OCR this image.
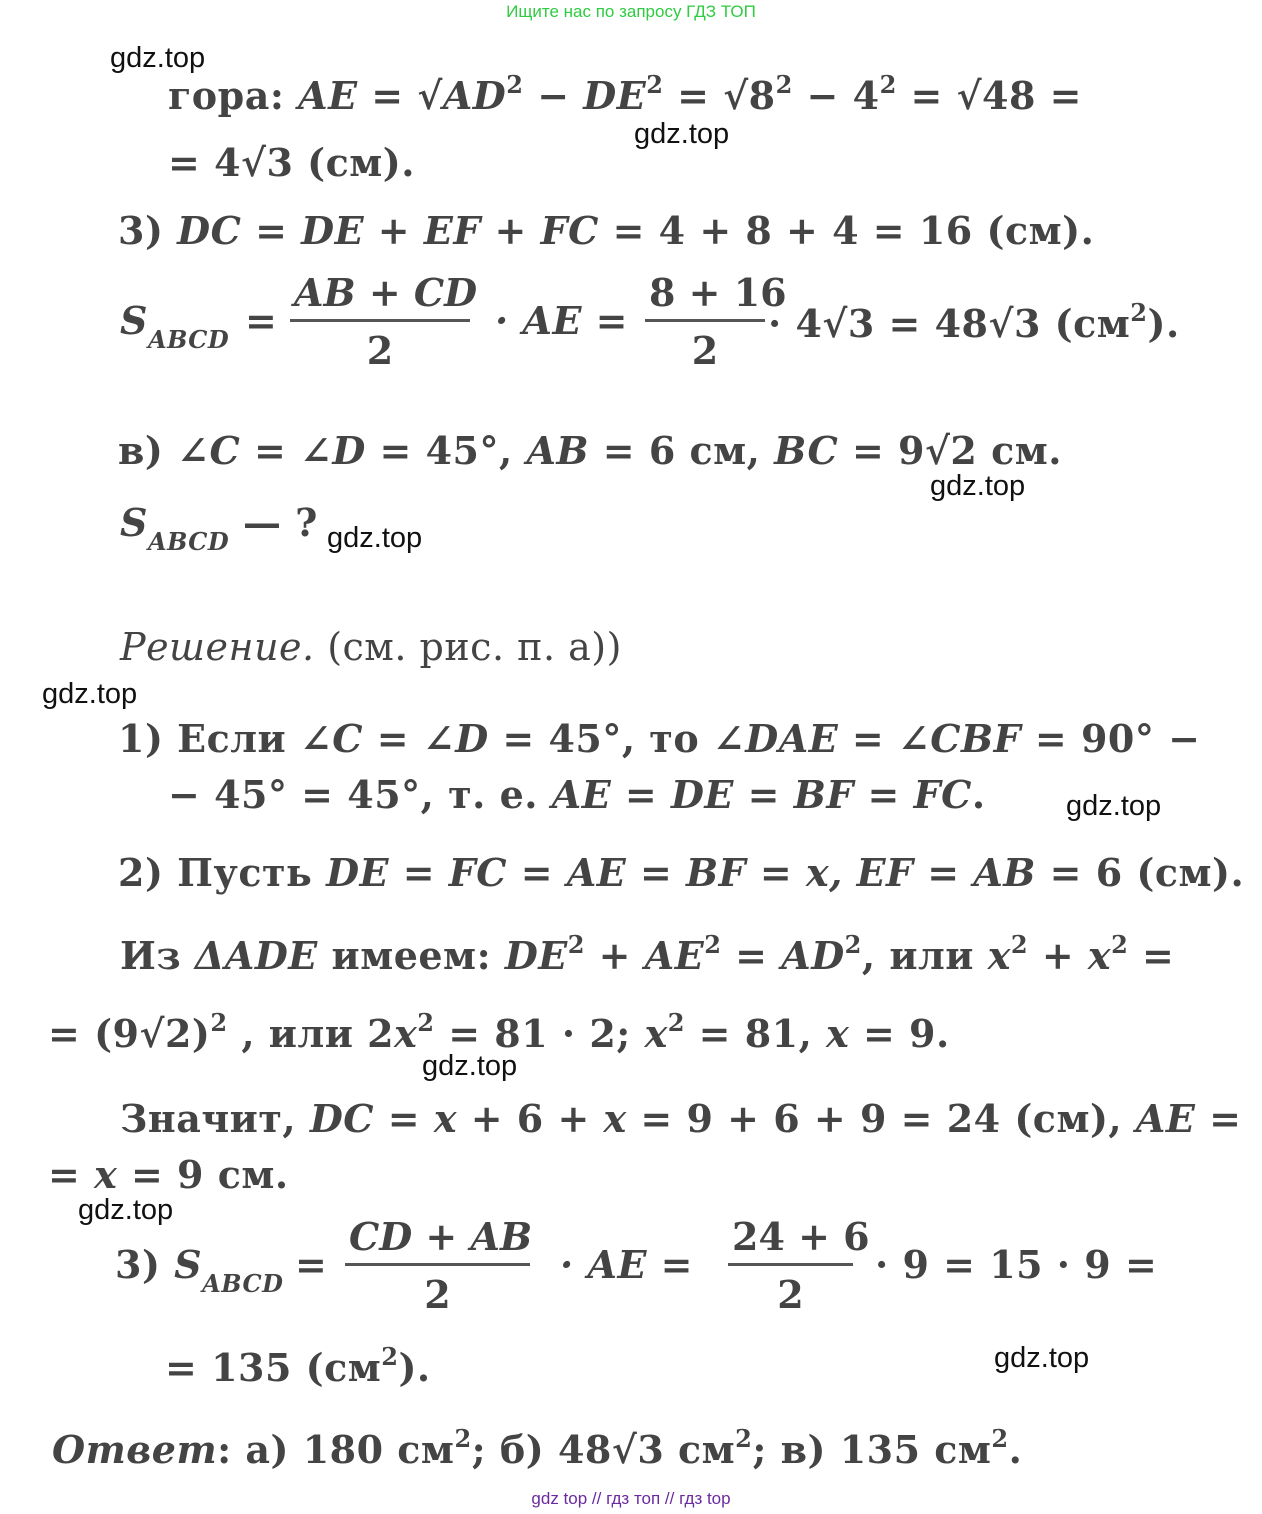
Ищите нас по запросу ГДЗ ТОП
гора: AE = $√AD^2 - DE^2 = √8^2 - 4^2 = √48$ =
= 4√3 (см).
3) DC = DE + EF + FC = 4 + 8 + 4 = 16 (см).
$S_{ABCD}$ =
AB + CD
2
· AE =
8 + 16
2
· 4√3 = 48√3 $(см^2)$.
в) ∠C = ∠D = 45°, AB = 6 см, BC = 9√2 см.
$S_{ABCD}$ — ?
Решение. (см. рис. п. а))
1) Если ∠C = ∠D = 45°, то ∠DAE = ∠CBF = 90° −
− 45° = 45°, т. е. AE = DE = BF = FC.
2) Пусть DE = FC = AE = BF = x, EF = AB = 6 (см).
Из ΔADE имеем: $DE^2 + AE^2 = AD^2$, или $x^2 + x^2$ =
= $(9√2)^2$ , или $2x^2 = 81 \cdot 2$; $x^2 = 81$, x = 9.
Значит, DC = x + 6 + x = 9 + 6 + 9 = 24 (см), AE =
= x = 9 см.
3) $S_{ABCD}$ =
CD + AB
2
· AE =
24 + 6
2
· 9 = 15 · 9 =
= 135 $(см^2)$.
Ответ: а) 180 $см^2$; б) 48√3 $см^2$; в) 135 $см^2$.
gdz.top
gdz.top
gdz.top
gdz.top
gdz.top
gdz.top
gdz.top
gdz.top
gdz.top
gdz top // гдз топ // гдз top
